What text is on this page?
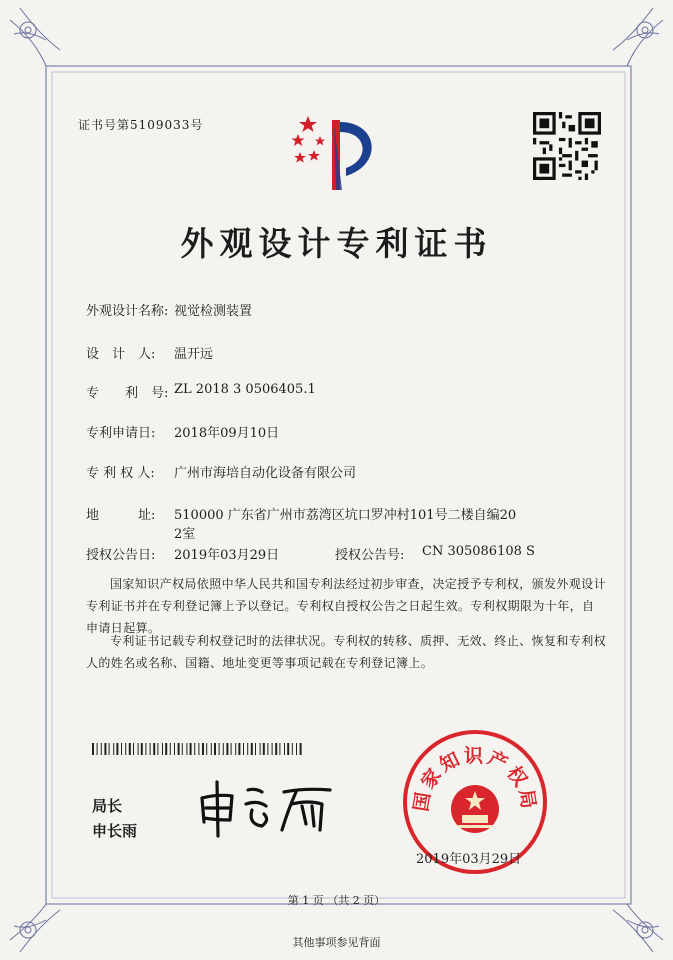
证书号第5109033号
外观设计专利证书
外观设计名称: 视觉检测装置
设　计　人: 温开远
专　　利　号: ZL 2018 3 0506405.1
专利申请日: 2018年09月10日
专 利 权 人: 广州市海培自动化设备有限公司
地　　　址: 510000 广东省广州市荔湾区坑口罗冲村101号二楼自编20
2室
授权公告日: 2019年03月29日	授权公告号: CN 305086108 S
国家知识产权局依照中华人民共和国专利法经过初步审查，决定授予专利权，颁发外观设计专利证书并在专利登记簿上予以登记。专利权自授权公告之日起生效。专利权期限为十年，自申请日起算。
专利证书记载专利权登记时的法律状况。专利权的转移、质押、无效、终止、恢复和专利权人的姓名或名称、国籍、地址变更等事项记载在专利登记簿上。
局长
申长雨
国家知识产权局
2019年03月29日
第 1 页 （共 2 页）
其他事项参见背面
